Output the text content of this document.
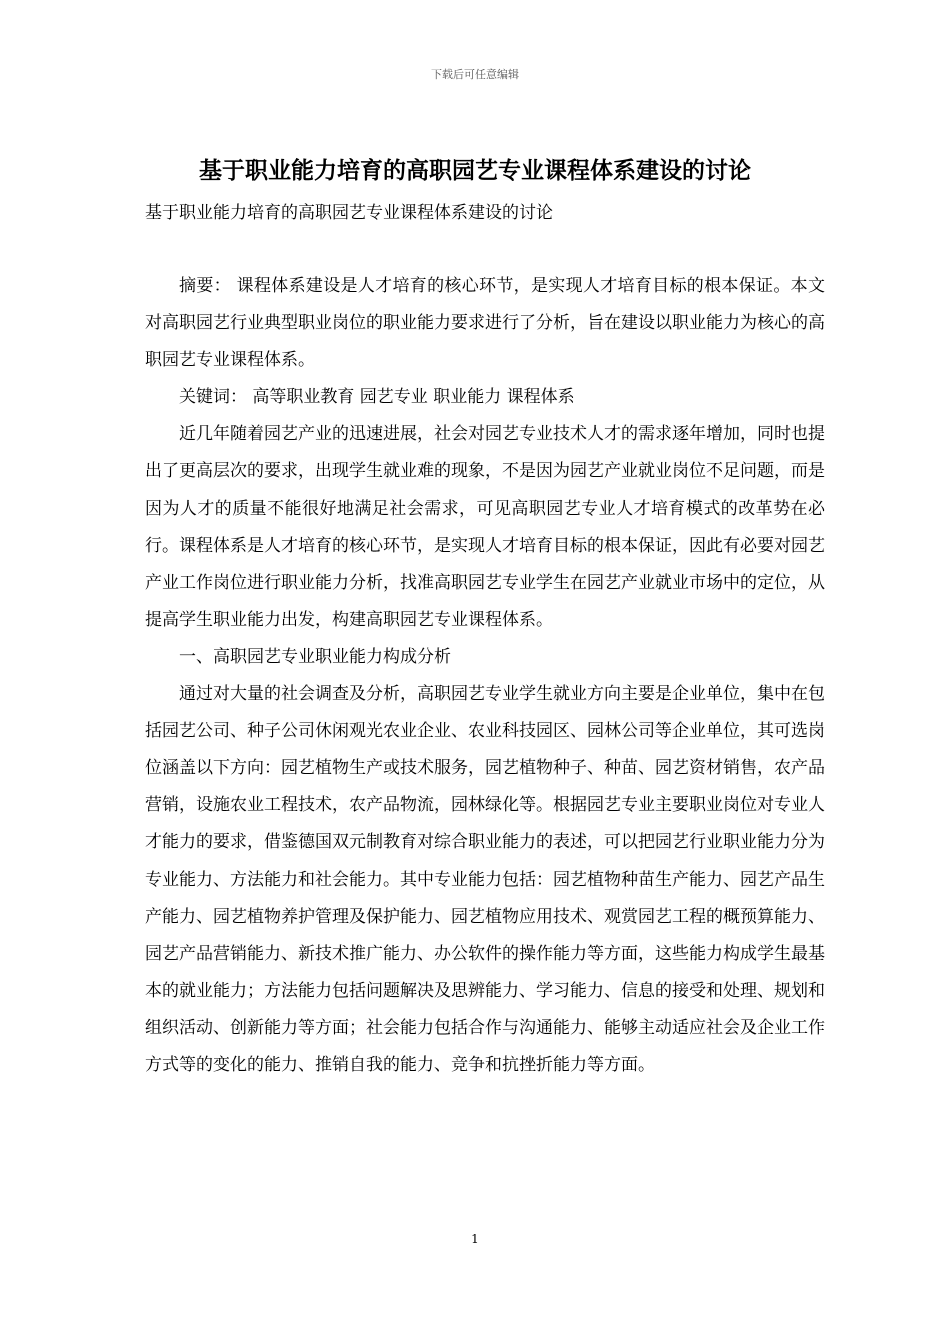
下载后可任意编辑
基于职业能力培育的高职园艺专业课程体系建设的讨论

基于职业能力培育的高职园艺专业课程体系建设的讨论

摘要： 课程体系建设是人才培育的核心环节，是实现人才培育目标的根本保证。本文对高职园艺行业典型职业岗位的职业能力要求进行了分析，旨在建设以职业能力为核心的高职园艺专业课程体系。

关键词： 高等职业教育 园艺专业 职业能力 课程体系

近几年随着园艺产业的迅速进展，社会对园艺专业技术人才的需求逐年增加，同时也提出了更高层次的要求，出现学生就业难的现象，不是因为园艺产业就业岗位不足问题，而是因为人才的质量不能很好地满足社会需求，可见高职园艺专业人才培育模式的改革势在必行。课程体系是人才培育的核心环节，是实现人才培育目标的根本保证，因此有必要对园艺产业工作岗位进行职业能力分析，找准高职园艺专业学生在园艺产业就业市场中的定位，从提高学生职业能力出发，构建高职园艺专业课程体系。

一、高职园艺专业职业能力构成分析

通过对大量的社会调查及分析，高职园艺专业学生就业方向主要是企业单位，集中在包括园艺公司、种子公司休闲观光农业企业、农业科技园区、园林公司等企业单位，其可选岗位涵盖以下方向：园艺植物生产或技术服务，园艺植物种子、种苗、园艺资材销售，农产品营销，设施农业工程技术，农产品物流，园林绿化等。根据园艺专业主要职业岗位对专业人才能力的要求，借鉴德国双元制教育对综合职业能力的表述，可以把园艺行业职业能力分为专业能力、方法能力和社会能力。其中专业能力包括：园艺植物种苗生产能力、园艺产品生产能力、园艺植物养护管理及保护能力、园艺植物应用技术、观赏园艺工程的概预算能力、园艺产品营销能力、新技术推广能力、办公软件的操作能力等方面，这些能力构成学生最基本的就业能力；方法能力包括问题解决及思辨能力、学习能力、信息的接受和处理、规划和组织活动、创新能力等方面；社会能力包括合作与沟通能力、能够主动适应社会及企业工作方式等的变化的能力、推销自我的能力、竞争和抗挫折能力等方面。

1
